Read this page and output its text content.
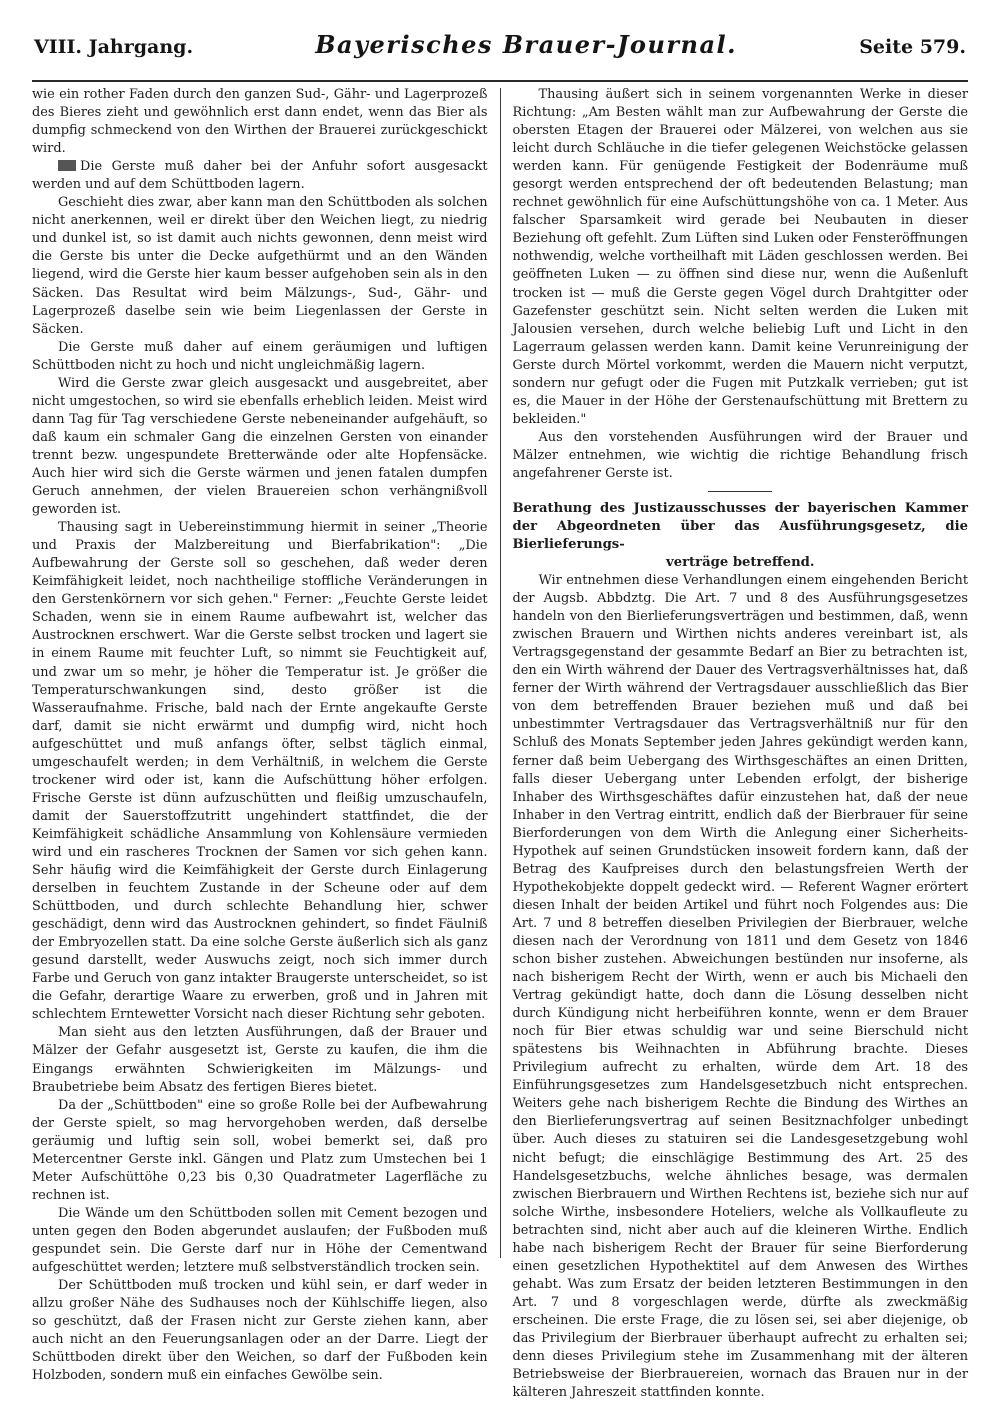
VIII. Jahrgang.	Bayerisches Brauer-Journal.	Seite 579.

wie ein rother Faden durch den ganzen Sud-, Gähr- und Lagerprozeß des Bieres zieht und gewöhnlich erst dann endet, wenn das Bier als dumpfig schmeckend von den Wirthen der Brauerei zurückgeschickt wird.

Die Gerste muß daher bei der Anfuhr sofort ausgesackt werden und auf dem Schüttboden lagern.

Geschieht dies zwar, aber kann man den Schüttboden als solchen nicht anerkennen, weil er direkt über den Weichen liegt, zu niedrig und dunkel ist, so ist damit auch nichts gewonnen, denn meist wird die Gerste bis unter die Decke aufgethürmt und an den Wänden liegend, wird die Gerste hier kaum besser aufgehoben sein als in den Säcken. Das Resultat wird beim Mälzungs-, Sud-, Gähr- und Lagerprozeß daselbe sein wie beim Liegenlassen der Gerste in Säcken.

Die Gerste muß daher auf einem geräumigen und luftigen Schüttboden nicht zu hoch und nicht ungleichmäßig lagern.

Wird die Gerste zwar gleich ausgesackt und ausgebreitet, aber nicht umgestochen, so wird sie ebenfalls erheblich leiden. Meist wird dann Tag für Tag verschiedene Gerste nebeneinander aufgehäuft, so daß kaum ein schmaler Gang die einzelnen Gersten von einander trennt bezw. ungespundete Bretterwände oder alte Hopfensäcke. Auch hier wird sich die Gerste wärmen und jenen fatalen dumpfen Geruch annehmen, der vielen Brauereien schon verhängnißvoll geworden ist.

Thausing sagt in Uebereinstimmung hiermit in seiner „Theorie und Praxis der Malzbereitung und Bierfabrikation": „Die Aufbewahrung der Gerste soll so geschehen, daß weder deren Keimfähigkeit leidet, noch nachtheilige stoffliche Veränderungen in den Gerstenkörnern vor sich gehen." Ferner: „Feuchte Gerste leidet Schaden, wenn sie in einem Raume aufbewahrt ist, welcher das Austrocknen erschwert. War die Gerste selbst trocken und lagert sie in einem Raume mit feuchter Luft, so nimmt sie Feuchtigkeit auf, und zwar um so mehr, je höher die Temperatur ist. Je größer die Temperaturschwankungen sind, desto größer ist die Wasseraufnahme. Frische, bald nach der Ernte angekaufte Gerste darf, damit sie nicht erwärmt und dumpfig wird, nicht hoch aufgeschüttet und muß anfangs öfter, selbst täglich einmal, umgeschaufelt werden; in dem Verhältniß, in welchem die Gerste trockener wird oder ist, kann die Aufschüttung höher erfolgen. Frische Gerste ist dünn aufzuschütten und fleißig umzuschaufeln, damit der Sauerstoffzutritt ungehindert stattfindet, die der Keimfähigkeit schädliche Ansammlung von Kohlensäure vermieden wird und ein rascheres Trocknen der Samen vor sich gehen kann. Sehr häufig wird die Keimfähigkeit der Gerste durch Einlagerung derselben in feuchtem Zustande in der Scheune oder auf dem Schüttboden, und durch schlechte Behandlung hier, schwer geschädigt, denn wird das Austrocknen gehindert, so findet Fäulniß der Embryozellen statt. Da eine solche Gerste äußerlich sich als ganz gesund darstellt, weder Auswuchs zeigt, noch sich immer durch Farbe und Geruch von ganz intakter Braugerste unterscheidet, so ist die Gefahr, derartige Waare zu erwerben, groß und in Jahren mit schlechtem Erntewetter Vorsicht nach dieser Richtung sehr geboten.

Man sieht aus den letzten Ausführungen, daß der Brauer und Mälzer der Gefahr ausgesetzt ist, Gerste zu kaufen, die ihm die Eingangs erwähnten Schwierigkeiten im Mälzungs- und Braubetriebe beim Absatz des fertigen Bieres bietet.

Da der „Schüttboden" eine so große Rolle bei der Aufbewahrung der Gerste spielt, so mag hervorgehoben werden, daß derselbe geräumig und luftig sein soll, wobei bemerkt sei, daß pro Metercentner Gerste inkl. Gängen und Platz zum Umstechen bei 1 Meter Aufschüttöhe 0,23 bis 0,30 Quadratmeter Lagerfläche zu rechnen ist.

Die Wände um den Schüttboden sollen mit Cement bezogen und unten gegen den Boden abgerundet auslaufen; der Fußboden muß gespundet sein. Die Gerste darf nur in Höhe der Cementwand aufgeschüttet werden; letztere muß selbstverständlich trocken sein.

Der Schüttboden muß trocken und kühl sein, er darf weder in allzu großer Nähe des Sudhauses noch der Kühlschiffe liegen, also so geschützt, daß der Frasen nicht zur Gerste ziehen kann, aber auch nicht an den Feuerungsanlagen oder an der Darre. Liegt der Schüttboden direkt über den Weichen, so darf der Fußboden kein Holzboden, sondern muß ein einfaches Gewölbe sein.

Thausing äußert sich in seinem vorgenannten Werke in dieser Richtung: „Am Besten wählt man zur Aufbewahrung der Gerste die obersten Etagen der Brauerei oder Mälzerei, von welchen aus sie leicht durch Schläuche in die tiefer gelegenen Weichstöcke gelassen werden kann. Für genügende Festigkeit der Bodenräume muß gesorgt werden entsprechend der oft bedeutenden Belastung; man rechnet gewöhnlich für eine Aufschüttungshöhe von ca. 1 Meter. Aus falscher Sparsamkeit wird gerade bei Neubauten in dieser Beziehung oft gefehlt. Zum Lüften sind Luken oder Fensteröffnungen nothwendig, welche vortheilhaft mit Läden geschlossen werden. Bei geöffneten Luken — zu öffnen sind diese nur, wenn die Außenluft trocken ist — muß die Gerste gegen Vögel durch Drahtgitter oder Gazefenster geschützt sein. Nicht selten werden die Luken mit Jalousien versehen, durch welche beliebig Luft und Licht in den Lagerraum gelassen werden kann. Damit keine Verunreinigung der Gerste durch Mörtel vorkommt, werden die Mauern nicht verputzt, sondern nur gefugt oder die Fugen mit Putzkalk verrieben; gut ist es, die Mauer in der Höhe der Gerstenaufschüttung mit Brettern zu bekleiden."

Aus den vorstehenden Ausführungen wird der Brauer und Mälzer entnehmen, wie wichtig die richtige Behandlung frisch angefahrener Gerste ist.

Berathung des Justizausschusses der bayerischen Kammer der Abgeordneten über das Ausführungsgesetz, die Bierlieferungs-
verträge betreffend.

Wir entnehmen diese Verhandlungen einem eingehenden Bericht der Augsb. Abbdztg. Die Art. 7 und 8 des Ausführungsgesetzes handeln von den Bierlieferungsverträgen und bestimmen, daß, wenn zwischen Brauern und Wirthen nichts anderes vereinbart ist, als Vertragsgegenstand der gesammte Bedarf an Bier zu betrachten ist, den ein Wirth während der Dauer des Vertragsverhältnisses hat, daß ferner der Wirth während der Vertragsdauer ausschließlich das Bier von dem betreffenden Brauer beziehen muß und daß bei unbestimmter Vertragsdauer das Vertragsverhältniß nur für den Schluß des Monats September jeden Jahres gekündigt werden kann, ferner daß beim Uebergang des Wirthsgeschäftes an einen Dritten, falls dieser Uebergang unter Lebenden erfolgt, der bisherige Inhaber des Wirthsgeschäftes dafür einzustehen hat, daß der neue Inhaber in den Vertrag eintritt, endlich daß der Bierbrauer für seine Bierforderungen von dem Wirth die Anlegung einer Sicherheits-Hypothek auf seinen Grundstücken insoweit fordern kann, daß der Betrag des Kaufpreises durch den belastungsfreien Werth der Hypothekobjekte doppelt gedeckt wird. — Referent Wagner erörtert diesen Inhalt der beiden Artikel und führt noch Folgendes aus: Die Art. 7 und 8 betreffen dieselben Privilegien der Bierbrauer, welche diesen nach der Verordnung von 1811 und dem Gesetz von 1846 schon bisher zustehen. Abweichungen bestünden nur insoferne, als nach bisherigem Recht der Wirth, wenn er auch bis Michaeli den Vertrag gekündigt hatte, doch dann die Lösung desselben nicht durch Kündigung nicht herbeiführen konnte, wenn er dem Brauer noch für Bier etwas schuldig war und seine Bierschuld nicht spätestens bis Weihnachten in Abführung brachte. Dieses Privilegium aufrecht zu erhalten, würde dem Art. 18 des Einführungsgesetzes zum Handelsgesetzbuch nicht entsprechen. Weiters gehe nach bisherigem Rechte die Bindung des Wirthes an den Bierlieferungsvertrag auf seinen Besitznachfolger unbedingt über. Auch dieses zu statuiren sei die Landesgesetzgebung wohl nicht befugt; die einschlägige Bestimmung des Art. 25 des Handelsgesetzbuchs, welche ähnliches besage, was dermalen zwischen Bierbrauern und Wirthen Rechtens ist, beziehe sich nur auf solche Wirthe, insbesondere Hoteliers, welche als Vollkaufleute zu betrachten sind, nicht aber auch auf die kleineren Wirthe. Endlich habe nach bisherigem Recht der Brauer für seine Bierforderung einen gesetzlichen Hypothektitel auf dem Anwesen des Wirthes gehabt. Was zum Ersatz der beiden letzteren Bestimmungen in den Art. 7 und 8 vorgeschlagen werde, dürfte als zweckmäßig erscheinen. Die erste Frage, die zu lösen sei, sei aber diejenige, ob das Privilegium der Bierbrauer überhaupt aufrecht zu erhalten sei; denn dieses Privilegium stehe im Zusammenhang mit der älteren Betriebsweise der Bierbrauereien, wornach das Brauen nur in der kälteren Jahreszeit stattfinden konnte.
